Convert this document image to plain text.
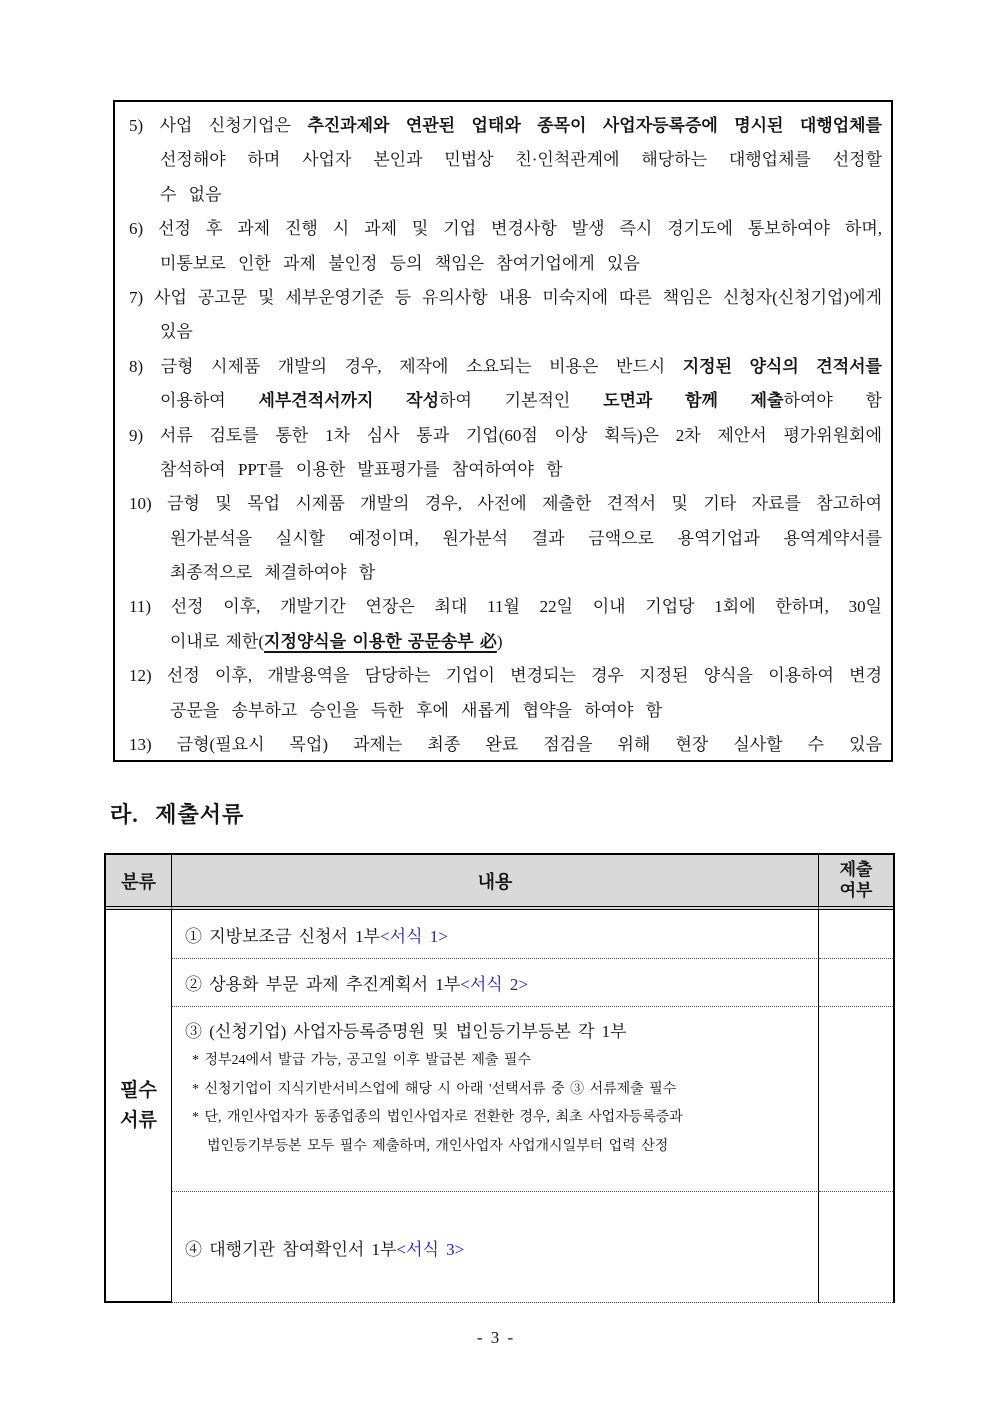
5) 사업 신청기업은 추진과제와 연관된 업태와 종목이 사업자등록증에 명시된 대행업체를
선정해야 하며 사업자 본인과 민법상 친·인척관계에 해당하는 대행업체를 선정할
수 없음
6) 선정 후 과제 진행 시 과제 및 기업 변경사항 발생 즉시 경기도에 통보하여야 하며,
미통보로 인한 과제 불인정 등의 책임은 참여기업에게 있음
7) 사업 공고문 및 세부운영기준 등 유의사항 내용 미숙지에 따른 책임은 신청자(신청기업)에게
있음
8) 금형 시제품 개발의 경우, 제작에 소요되는 비용은 반드시 지정된 양식의 견적서를
이용하여 세부견적서까지 작성하여 기본적인 도면과 함께 제출하여야 함
9) 서류 검토를 통한 1차 심사 통과 기업(60점 이상 획득)은 2차 제안서 평가위원회에
참석하여 PPT를 이용한 발표평가를 참여하여야 함
10) 금형 및 목업 시제품 개발의 경우, 사전에 제출한 견적서 및 기타 자료를 참고하여
원가분석을 실시할 예정이며, 원가분석 결과 금액으로 용역기업과 용역계약서를
최종적으로 체결하여야 함
11) 선정 이후, 개발기간 연장은 최대 11월 22일 이내 기업당 1회에 한하며, 30일
이내로 제한(지정양식을 이용한 공문송부 必)
12) 선정 이후, 개발용역을 담당하는 기업이 변경되는 경우 지정된 양식을 이용하여 변경
공문을 송부하고 승인을 득한 후에 새롭게 협약을 하여야 함
13) 금형(필요시 목업) 과제는 최종 완료 점검을 위해 현장 실사할 수 있음
라. 제출서류
분류	내용
제출
여부
필수
서류
① 지방보조금 신청서 1부 <서식 1>
② 상용화 부문 과제 추진계획서 1부 <서식 2>
③ (신청기업) 사업자등록증명원 및 법인등기부등본 각 1부
* 정부24에서 발급 가능, 공고일 이후 발급본 제출 필수
* 신청기업이 지식기반서비스업에 해당 시 아래 '선택서류 중 ③ 서류제출 필수
* 단, 개인사업자가 동종업종의 법인사업자로 전환한 경우, 최초 사업자등록증과
법인등기부등본 모두 필수 제출하며, 개인사업자 사업개시일부터 업력 산정
④ 대행기관 참여확인서 1부 <서식 3>
- 3 -
